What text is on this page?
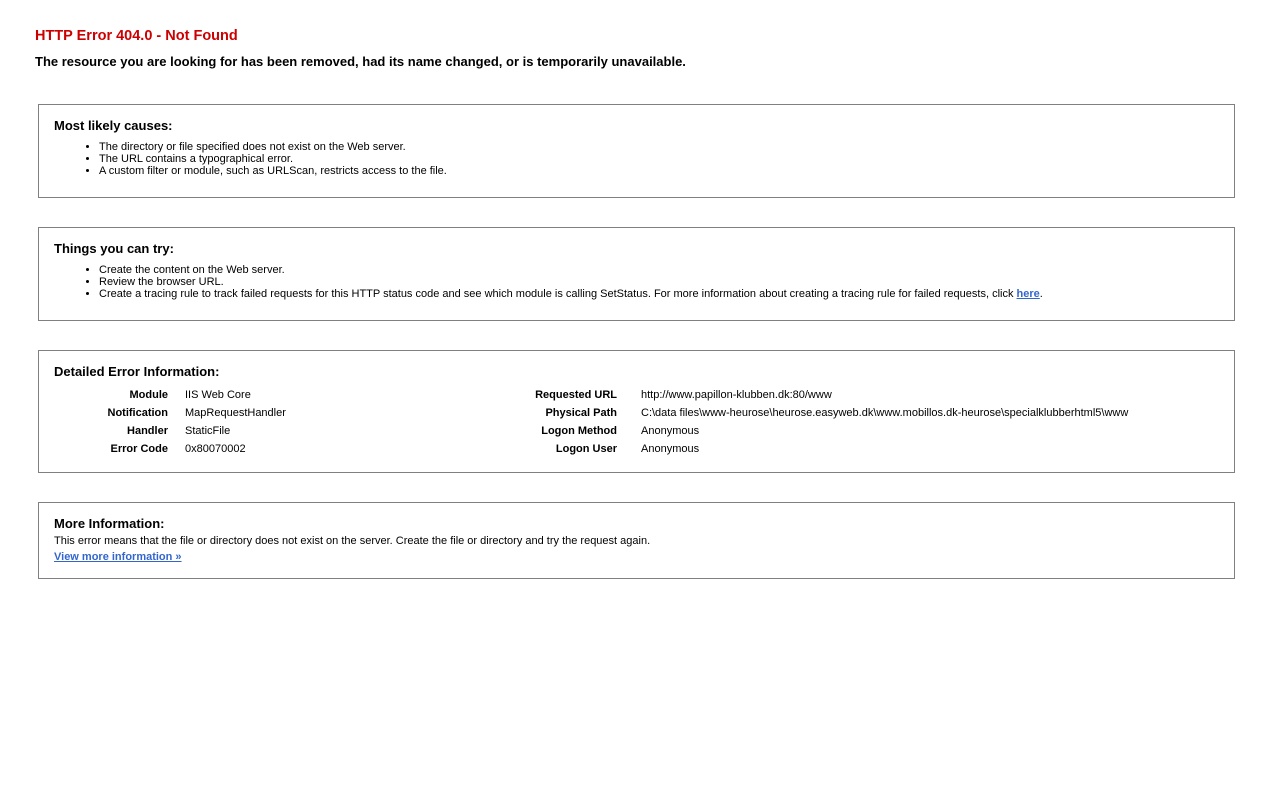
HTTP Error 404.0 - Not Found
The resource you are looking for has been removed, had its name changed, or is temporarily unavailable.
Most likely causes:
• The directory or file specified does not exist on the Web server.
• The URL contains a typographical error.
• A custom filter or module, such as URLScan, restricts access to the file.
Things you can try:
• Create the content on the Web server.
• Review the browser URL.
• Create a tracing rule to track failed requests for this HTTP status code and see which module is calling SetStatus. For more information about creating a tracing rule for failed requests, click here.
Detailed Error Information:
Module
Notification
Handler
Error Code
IIS Web Core
MapRequestHandler
StaticFile
0x80070002
Requested URL
Physical Path
Logon Method
Logon User
http://www.papillon-klubben.dk:80/www
C:\data files\www-heurose\heurose.easyweb.dk\www.mobillos.dk-heurose\specialklubberhtml5\www
Anonymous
Anonymous
More Information:

This error means that the file or directory does not exist on the server. Create the file or directory and try the request again.

View more information »
